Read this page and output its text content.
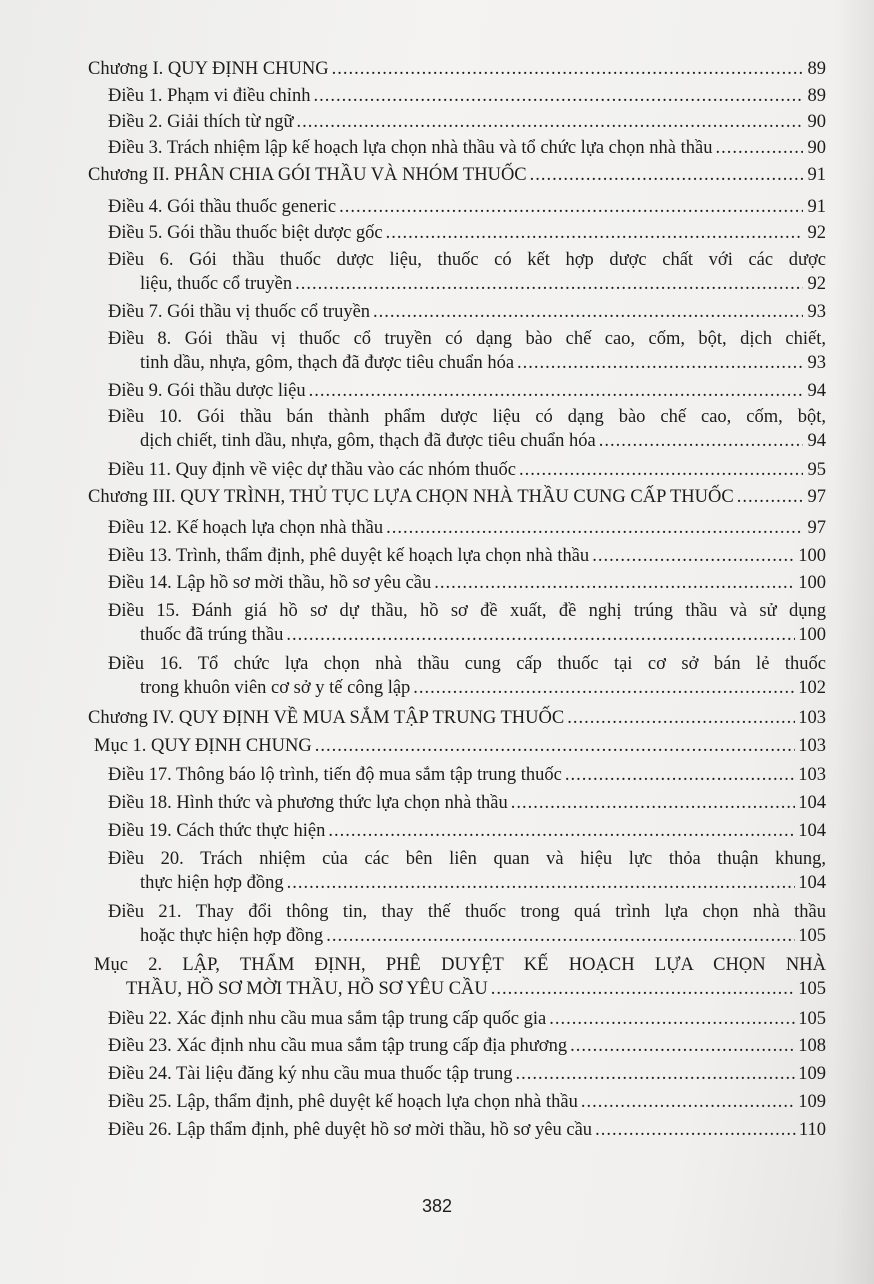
Chương I. QUY ĐỊNH CHUNG .....	89
Điều 1. Phạm vi điều chỉnh .....	89
Điều 2. Giải thích từ ngữ .....	90
Điều 3. Trách nhiệm lập kế hoạch lựa chọn nhà thầu và tổ chức lựa chọn nhà thầu .....	90
Chương II. PHÂN CHIA GÓI THẦU VÀ NHÓM THUỐC .....	91
Điều 4. Gói thầu thuốc generic .....	91
Điều 5. Gói thầu thuốc biệt dược gốc .....	92
Điều 6. Gói thầu thuốc dược liệu, thuốc có kết hợp dược chất với các dược
liệu, thuốc cổ truyền .....	92
Điều 7. Gói thầu vị thuốc cổ truyền .....	93
Điều 8. Gói thầu vị thuốc cổ truyền có dạng bào chế cao, cốm, bột, dịch chiết,
tinh dầu, nhựa, gôm, thạch đã được tiêu chuẩn hóa .....	93
Điều 9. Gói thầu dược liệu .....	94
Điều 10. Gói thầu bán thành phẩm dược liệu có dạng bào chế cao, cốm, bột,
dịch chiết, tinh dầu, nhựa, gôm, thạch đã được tiêu chuẩn hóa .....	94
Điều 11. Quy định về việc dự thầu vào các nhóm thuốc .....	95
Chương III. QUY TRÌNH, THỦ TỤC LỰA CHỌN NHÀ THẦU CUNG CẤP THUỐC .....	97
Điều 12. Kế hoạch lựa chọn nhà thầu .....	97
Điều 13. Trình, thẩm định, phê duyệt kế hoạch lựa chọn nhà thầu .....	100
Điều 14. Lập hồ sơ mời thầu, hồ sơ yêu cầu .....	100
Điều 15. Đánh giá hồ sơ dự thầu, hồ sơ đề xuất, đề nghị trúng thầu và sử dụng
thuốc đã trúng thầu .....	100
Điều 16. Tổ chức lựa chọn nhà thầu cung cấp thuốc tại cơ sở bán lẻ thuốc
trong khuôn viên cơ sở y tế công lập .....	102
Chương IV. QUY ĐỊNH VỀ MUA SẮM TẬP TRUNG THUỐC .....	103
Mục 1. QUY ĐỊNH CHUNG .....	103
Điều 17. Thông báo lộ trình, tiến độ mua sắm tập trung thuốc .....	103
Điều 18. Hình thức và phương thức lựa chọn nhà thầu .....	104
Điều 19. Cách thức thực hiện .....	104
Điều 20. Trách nhiệm của các bên liên quan và hiệu lực thỏa thuận khung,
thực hiện hợp đồng .....	104
Điều 21. Thay đổi thông tin, thay thế thuốc trong quá trình lựa chọn nhà thầu
hoặc thực hiện hợp đồng .....	105
Mục 2. LẬP, THẨM ĐỊNH, PHÊ DUYỆT KẾ HOẠCH LỰA CHỌN NHÀ
THẦU, HỒ SƠ MỜI THẦU, HỒ SƠ YÊU CẦU .....	105
Điều 22. Xác định nhu cầu mua sắm tập trung cấp quốc gia .....	105
Điều 23. Xác định nhu cầu mua sắm tập trung cấp địa phương .....	108
Điều 24. Tài liệu đăng ký nhu cầu mua thuốc tập trung .....	109
Điều 25. Lập, thẩm định, phê duyệt kế hoạch lựa chọn nhà thầu .....	109
Điều 26. Lập thẩm định, phê duyệt hồ sơ mời thầu, hồ sơ yêu cầu .....	110
382
